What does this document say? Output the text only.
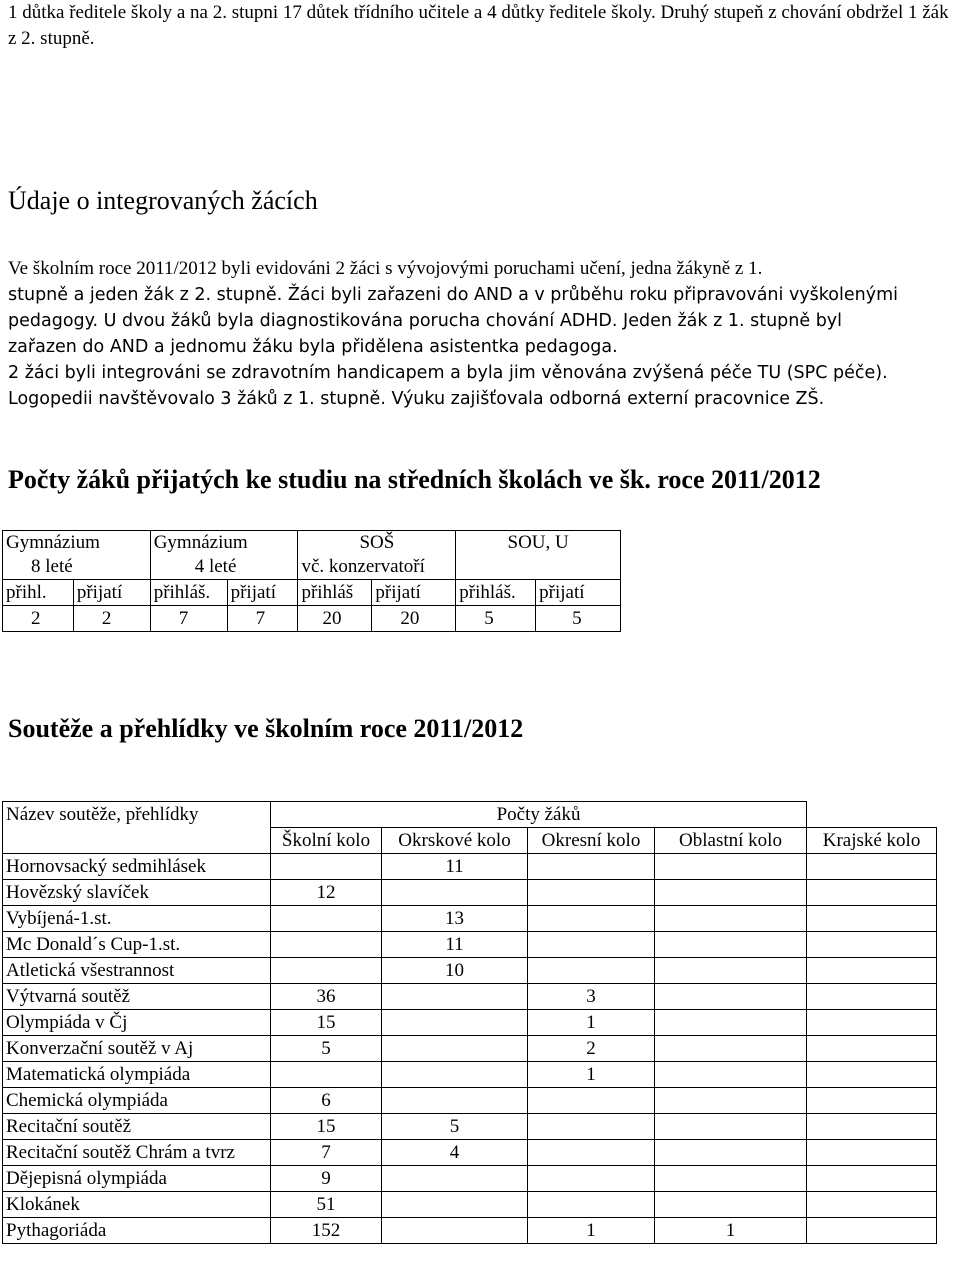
1 důtka ředitele školy a na 2. stupni 17 důtek třídního učitele a 4 důtky ředitele školy. Druhý stupeň z chování obdržel 1 žák z 2. stupně.

Údaje o integrovaných žácích
Ve školním roce 2011/2012 byli evidováni 2 žáci s vývojovými poruchami učení, jedna žákyně z 1.
stupně a jeden žák z 2. stupně. Žáci byli zařazeni do AND a v průběhu roku připravováni vyškolenými
pedagogy. U dvou žáků byla diagnostikována porucha chování ADHD. Jeden žák z 1. stupně byl
zařazen do AND a jednomu žáku byla přidělena asistentka pedagoga.
2 žáci byli integrováni se zdravotním handicapem a byla jim věnována zvýšená péče TU (SPC péče).
Logopedii navštěvovalo 3 žáků z 1. stupně. Výuku zajišťovala odborná externí pracovnice ZŠ.
Počty žáků přijatých ke studiu na středních školách ve šk. roce 2011/2012
Gymnázium		Gymnázium		SOŠ		SOU, U	
8 leté		4 leté		vč. konzervatoří			
přihl.	přijatí	přihláš.	přijatí	přihláš	přijatí	přihláš.	přijatí
2	2	7	7	20	20	5	5
Soutěže a přehlídky ve školním roce 2011/2012
Název soutěže, přehlídky	Počty žáků				
	Školní kolo	Okrskové kolo	Okresní kolo	Oblastní kolo	Krajské kolo
Hornovsacký sedmihlásek		11			
Hovězský slavíček	12				
Vybíjená-1.st.		13			
Mc Donald´s Cup-1.st.		11			
Atletická všestrannost		10			
Výtvarná soutěž	36		3		
Olympiáda v Čj	15		1		
Konverzační soutěž v Aj	5		2		
Matematická olympiáda			1		
Chemická olympiáda	6				
Recitační soutěž	15	5			
Recitační soutěž Chrám a tvrz	7	4			
Dějepisná olympiáda	9				
Klokánek	51				
Pythagoriáda	152		1	1	
